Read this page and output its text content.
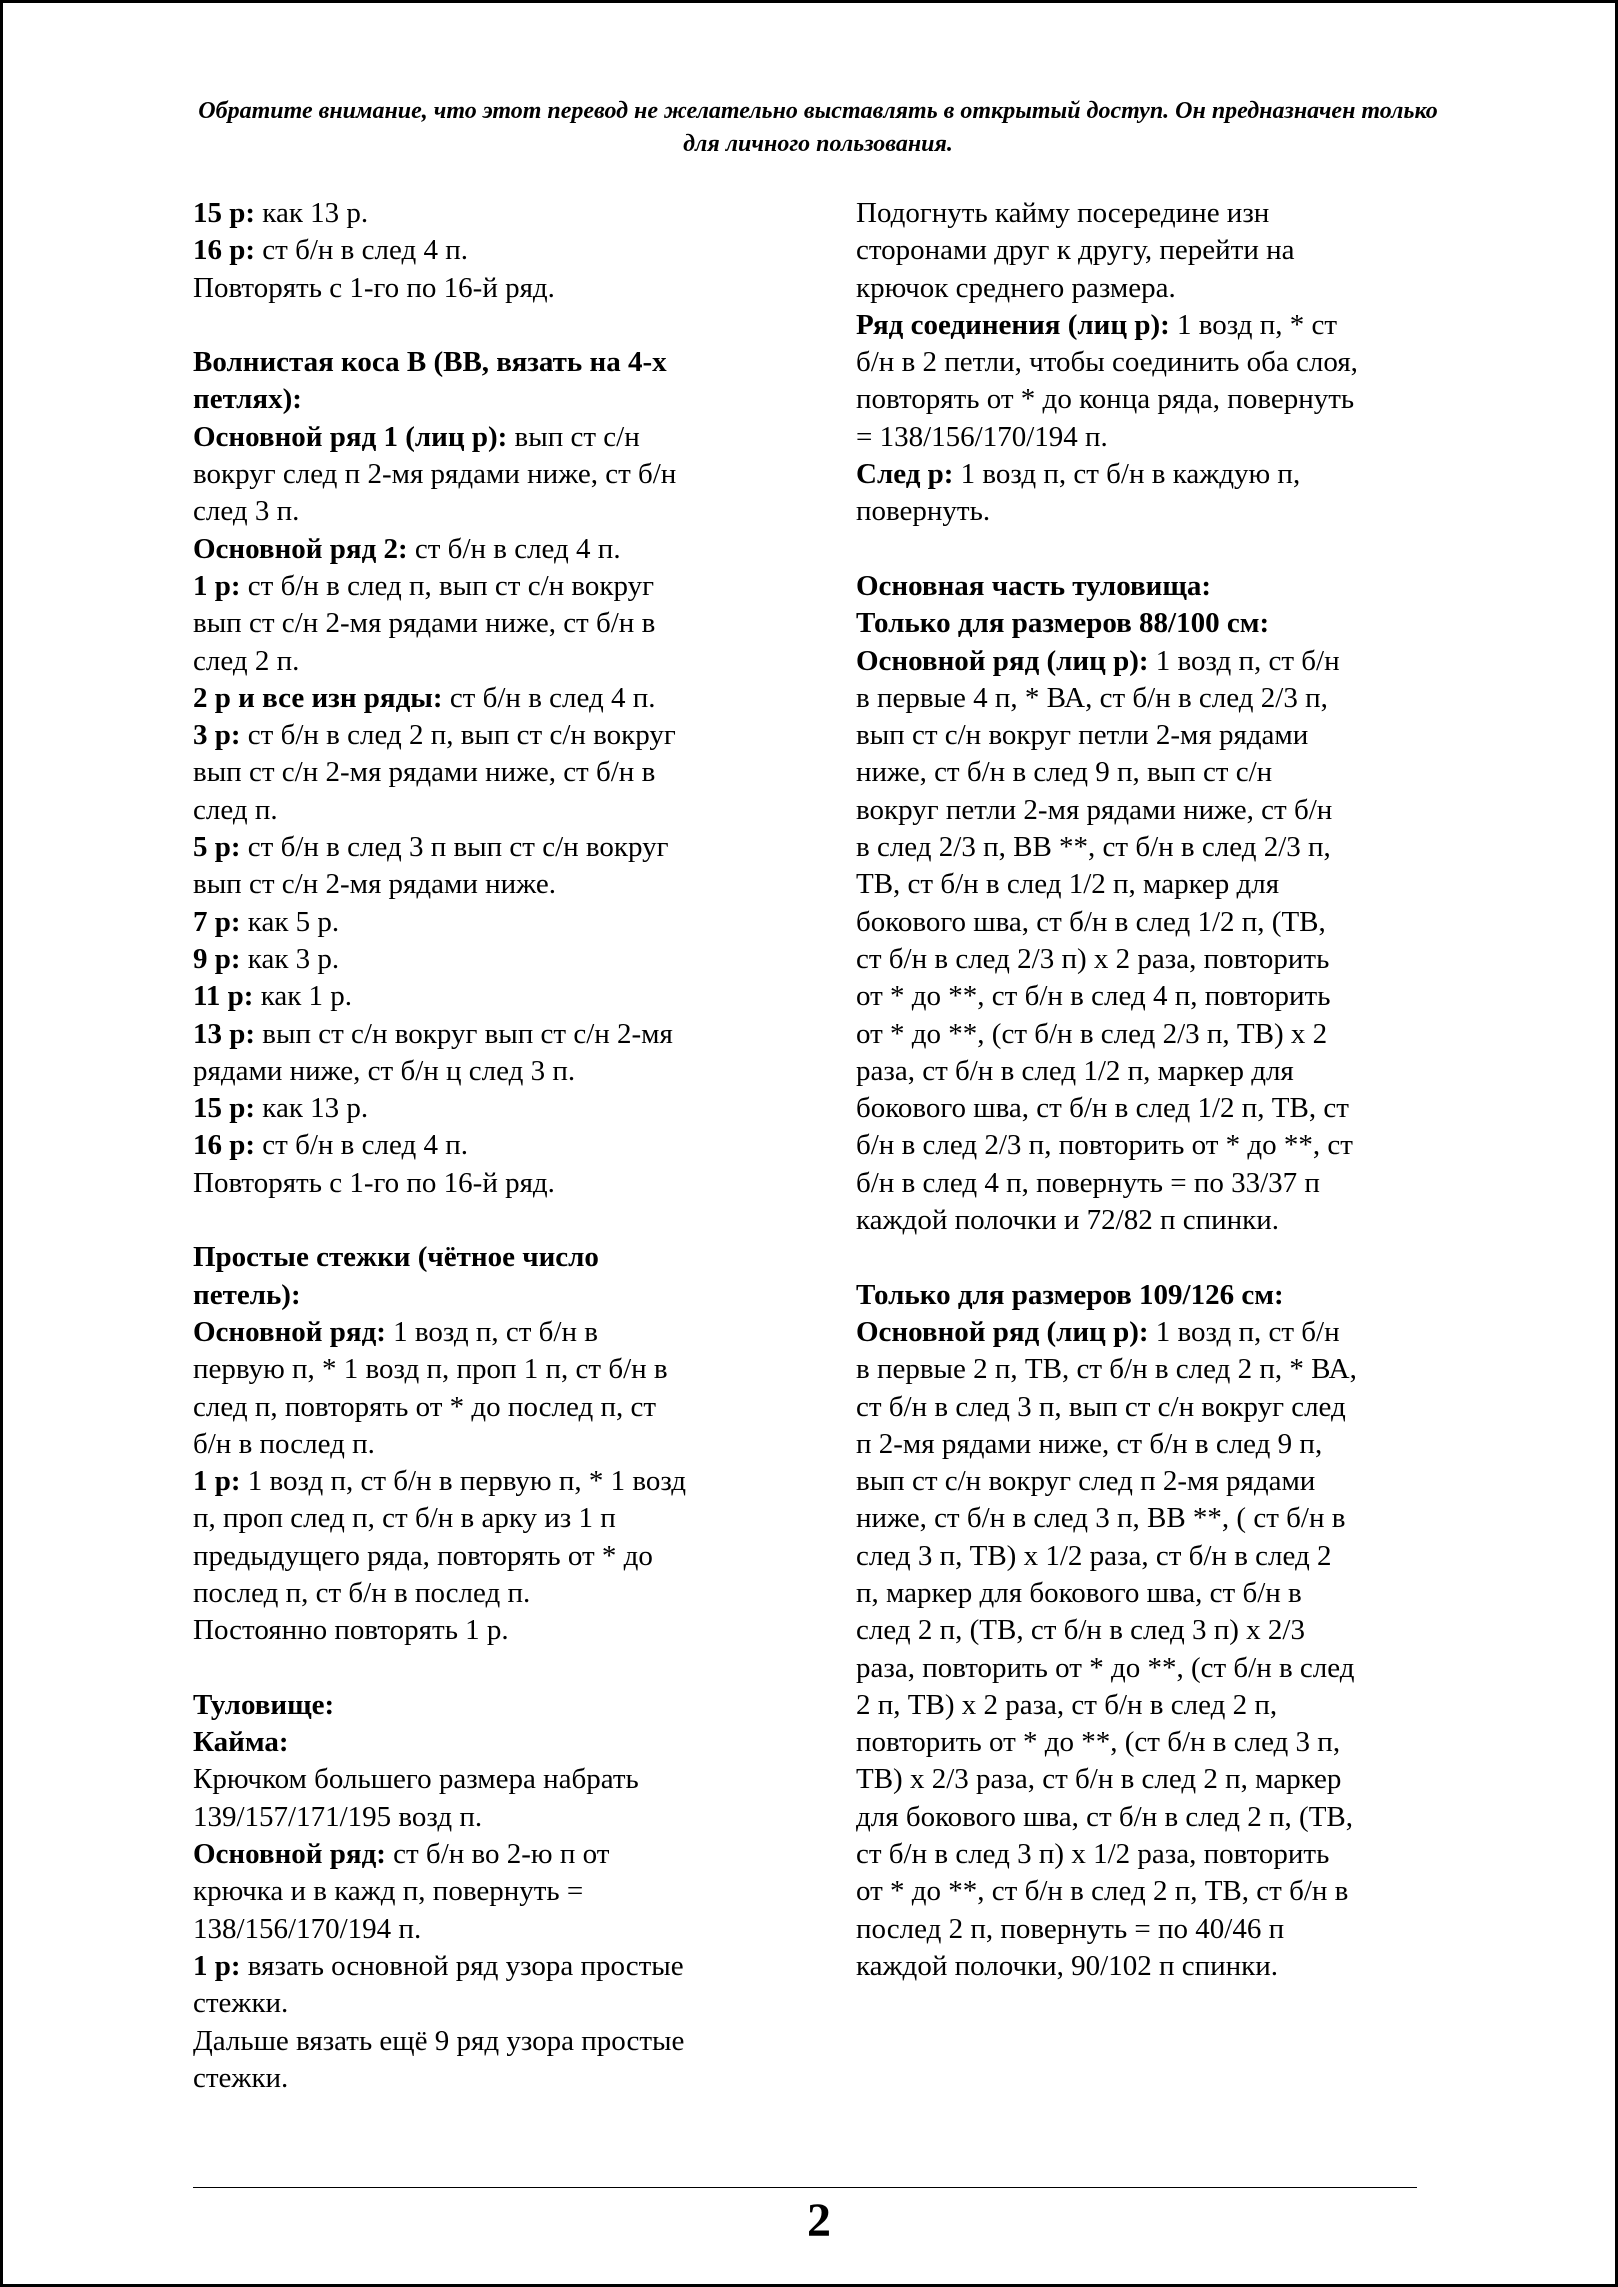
Обратите внимание, что этот перевод не желательно выставлять в открытый доступ. Он предназначен только для личного пользования.
15 р: как 13 р.
16 р: ст б/н в след 4 п.
Повторять с 1-го по 16-й ряд.
Волнистая коса В (ВВ, вязать на 4-х
петлях):
Основной ряд 1 (лиц р): вып ст с/н
вокруг след п 2-мя рядами ниже, ст б/н
след 3 п.
Основной ряд 2: ст б/н в след 4 п.
1 р: ст б/н в след п, вып ст с/н вокруг
вып ст с/н 2-мя рядами ниже, ст б/н в
след 2 п.
2 р и все изн ряды: ст б/н в след 4 п.
3 р: ст б/н в след 2 п, вып ст с/н вокруг
вып ст с/н 2-мя рядами ниже, ст б/н в
след п.
5 р: ст б/н в след 3 п вып ст с/н вокруг
вып ст с/н 2-мя рядами ниже.
7 р: как 5 р.
9 р: как 3 р.
11 р: как 1 р.
13 р: вып ст с/н вокруг вып ст с/н 2-мя
рядами ниже, ст б/н ц след 3 п.
15 р: как 13 р.
16 р: ст б/н в след 4 п.
Повторять с 1-го по 16-й ряд.
Простые стежки (чётное число
петель):
Основной ряд: 1 возд п, ст б/н в
первую п, * 1 возд п, проп 1 п, ст б/н в
след п, повторять от * до послед п, ст
б/н в послед п.
1 р: 1 возд п, ст б/н в первую п, * 1 возд
п, проп след п, ст б/н в арку из 1 п
предыдущего ряда, повторять от * до
послед п, ст б/н в послед п.
Постоянно повторять 1 р.
Туловище:
Кайма:
Крючком большего размера набрать
139/157/171/195 возд п.
Основной ряд: ст б/н во 2-ю п от
крючка и в кажд п, повернуть =
138/156/170/194 п.
1 р: вязать основной ряд узора простые
стежки.
Дальше вязать ещё 9 ряд узора простые
стежки.
Подогнуть кайму посередине изн
сторонами друг к другу, перейти на
крючок среднего размера.
Ряд соединения (лиц р): 1 возд п, * ст
б/н в 2 петли, чтобы соединить оба слоя,
повторять от * до конца ряда, повернуть
= 138/156/170/194 п.
След р: 1 возд п, ст б/н в каждую п,
повернуть.
Основная часть туловища:
Только для размеров 88/100 см:
Основной ряд (лиц р): 1 возд п, ст б/н
в первые 4 п, * ВА, ст б/н в след 2/3 п,
вып ст с/н вокруг петли 2-мя рядами
ниже, ст б/н в след 9 п, вып ст с/н
вокруг петли 2-мя рядами ниже, ст б/н
в след 2/3 п, ВВ **, ст б/н в след 2/3 п,
ТВ, ст б/н в след 1/2 п, маркер для
бокового шва, ст б/н в след 1/2 п, (ТВ,
ст б/н в след 2/3 п) х 2 раза, повторить
от * до **, ст б/н в след 4 п, повторить
от * до **, (ст б/н в след 2/3 п, ТВ) х 2
раза, ст б/н в след 1/2 п, маркер для
бокового шва, ст б/н в след 1/2 п, ТВ, ст
б/н в след 2/3 п, повторить от * до **, ст
б/н в след 4 п, повернуть = по 33/37 п
каждой полочки и 72/82 п спинки.
Только для размеров 109/126 см:
Основной ряд (лиц р): 1 возд п, ст б/н
в первые 2 п, ТВ, ст б/н в след 2 п, * ВА,
ст б/н в след 3 п, вып ст с/н вокруг след
п 2-мя рядами ниже, ст б/н в след 9 п,
вып ст с/н вокруг след п 2-мя рядами
ниже, ст б/н в след 3 п, ВВ **, ( ст б/н в
след 3 п, ТВ) х 1/2 раза, ст б/н в след 2
п, маркер для бокового шва, ст б/н в
след 2 п, (ТВ, ст б/н в след 3 п) х 2/3
раза, повторить от * до **, (ст б/н в след
2 п, ТВ) х 2 раза, ст б/н в след 2 п,
повторить от * до **, (ст б/н в след 3 п,
ТВ) х 2/3 раза, ст б/н в след 2 п, маркер
для бокового шва, ст б/н в след 2 п, (ТВ,
ст б/н в след 3 п) х 1/2 раза, повторить
от * до **, ст б/н в след 2 п, ТВ, ст б/н в
послед 2 п, повернуть = по 40/46 п
каждой полочки, 90/102 п спинки.
2
